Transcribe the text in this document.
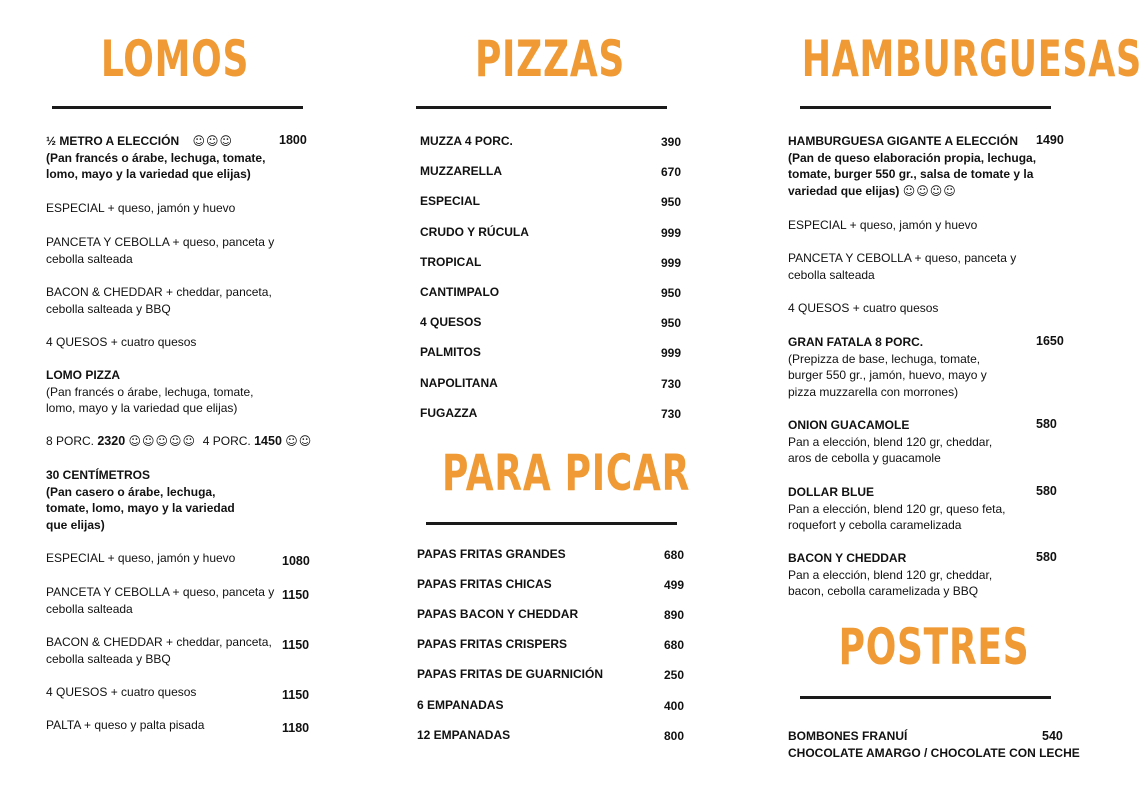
LOMOS
½ METRO A ELECCIÓN ☺☺☺
(Pan francés o árabe, lechuga, tomate,
lomo, mayo y la variedad que elijas)
1800
ESPECIAL + queso, jamón y huevo
PANCETA Y CEBOLLA + queso, panceta y
cebolla salteada
BACON & CHEDDAR + cheddar, panceta,
cebolla salteada y BBQ
4 QUESOS + cuatro quesos
LOMO PIZZA
(Pan francés o árabe, lechuga, tomate,
lomo, mayo y la variedad que elijas)
8 PORC. 2320 ☺☺☺☺☺ 4 PORC. 1450 ☺☺
30 CENTÍMETROS
(Pan casero o árabe, lechuga,
tomate, lomo, mayo y la variedad
que elijas)
ESPECIAL + queso, jamón y huevo	1080
PANCETA Y CEBOLLA + queso, panceta y
cebolla salteada
1150
BACON & CHEDDAR + cheddar, panceta,
cebolla salteada y BBQ
1150
4 QUESOS + cuatro quesos	1150
PALTA + queso y palta pisada	1180
PIZZAS
MUZZA 4 PORC.	390
MUZZARELLA	670
ESPECIAL	950
CRUDO Y RÚCULA	999
TROPICAL	999
CANTIMPALO	950
4 QUESOS	950
PALMITOS	999
NAPOLITANA	730
FUGAZZA	730
PARA PICAR
PAPAS FRITAS GRANDES	680
PAPAS FRITAS CHICAS	499
PAPAS BACON Y CHEDDAR	890
PAPAS FRITAS CRISPERS	680
PAPAS FRITAS DE GUARNICIÓN	250
6 EMPANADAS	400
12 EMPANADAS	800
HAMBURGUESAS
HAMBURGUESA GIGANTE A ELECCIÓN
(Pan de queso elaboración propia, lechuga,
tomate, burger 550 gr., salsa de tomate y la
variedad que elijas) ☺☺☺☺
1490
ESPECIAL + queso, jamón y huevo
PANCETA Y CEBOLLA + queso, panceta y
cebolla salteada
4 QUESOS + cuatro quesos
GRAN FATALA 8 PORC.
(Prepizza de base, lechuga, tomate,
burger 550 gr., jamón, huevo, mayo y
pizza muzzarella con morrones)
1650
ONION GUACAMOLE
Pan a elección, blend 120 gr, cheddar,
aros de cebolla y guacamole
580
DOLLAR BLUE
Pan a elección, blend 120 gr, queso feta,
roquefort y cebolla caramelizada
580
BACON Y CHEDDAR
Pan a elección, blend 120 gr, cheddar,
bacon, cebolla caramelizada y BBQ
580
POSTRES
BOMBONES FRANUÍ
CHOCOLATE AMARGO / CHOCOLATE CON LECHE
540
